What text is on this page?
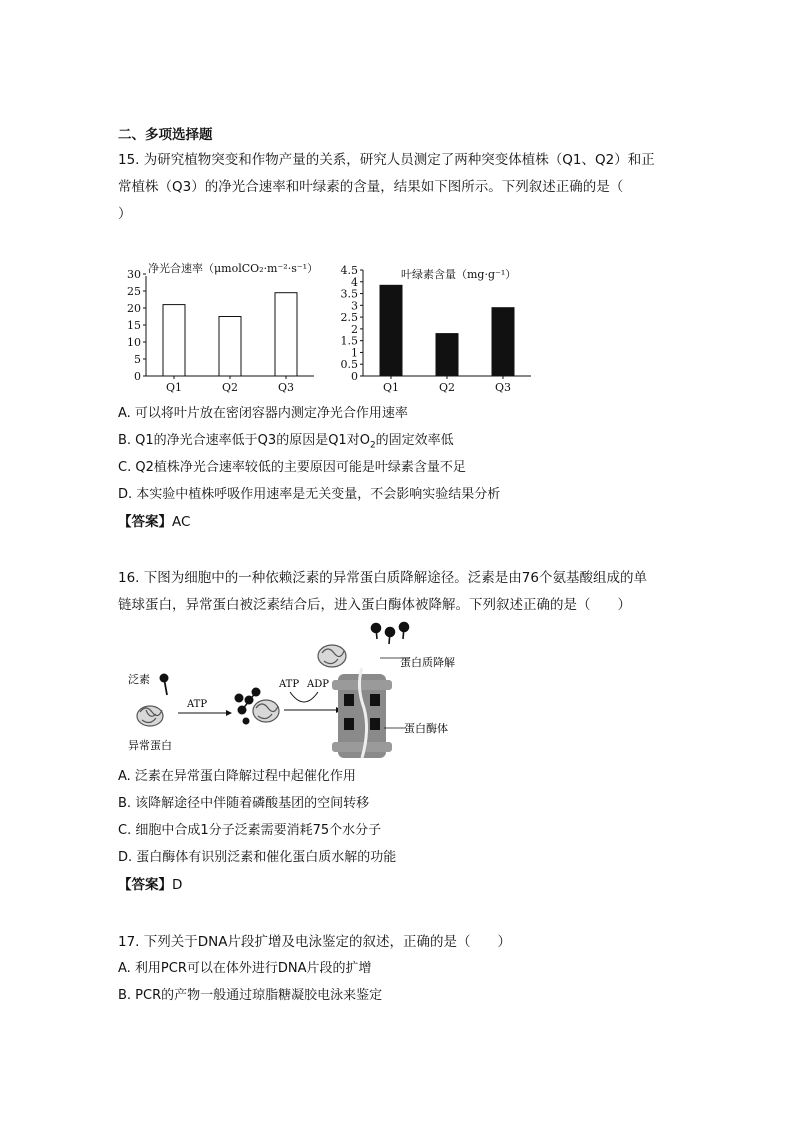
二、多项选择题
15. 为研究植物突变和作物产量的关系，研究人员测定了两种突变体植株（Q1、Q2）和正
常植株（Q3）的净光合速率和叶绿素的含量，结果如下图所示。下列叙述正确的是（
）
净光合速率（μmolCO₂·m⁻²·s⁻¹）
0
5
10
15
20
25
30
Q1	Q2	Q3
叶绿素含量（mg·g⁻¹）
0
0.5
1
1.5
2
2.5
3
3.5
4
4.5
Q1	Q2	Q3
A. 可以将叶片放在密闭容器内测定净光合作用速率
B. Q1的净光合速率低于Q3的原因是Q1对$O_2$的固定效率低
C. Q2植株净光合速率较低的主要原因可能是叶绿素含量不足
D. 本实验中植株呼吸作用速率是无关变量，不会影响实验结果分析
【答案】AC
16. 下图为细胞中的一种依赖泛素的异常蛋白质降解途径。泛素是由76个氨基酸组成的单
链球蛋白，异常蛋白被泛素结合后，进入蛋白酶体被降解。下列叙述正确的是（　　）
泛素
异常蛋白
ATP
ATP ADP
蛋白质降解
蛋白酶体
A. 泛素在异常蛋白降解过程中起催化作用
B. 该降解途径中伴随着磷酸基团的空间转移
C. 细胞中合成1分子泛素需要消耗75个水分子
D. 蛋白酶体有识别泛素和催化蛋白质水解的功能
【答案】D
17. 下列关于DNA片段扩增及电泳鉴定的叙述，正确的是（　　）
A. 利用PCR可以在体外进行DNA片段的扩增
B. PCR的产物一般通过琼脂糖凝胶电泳来鉴定
